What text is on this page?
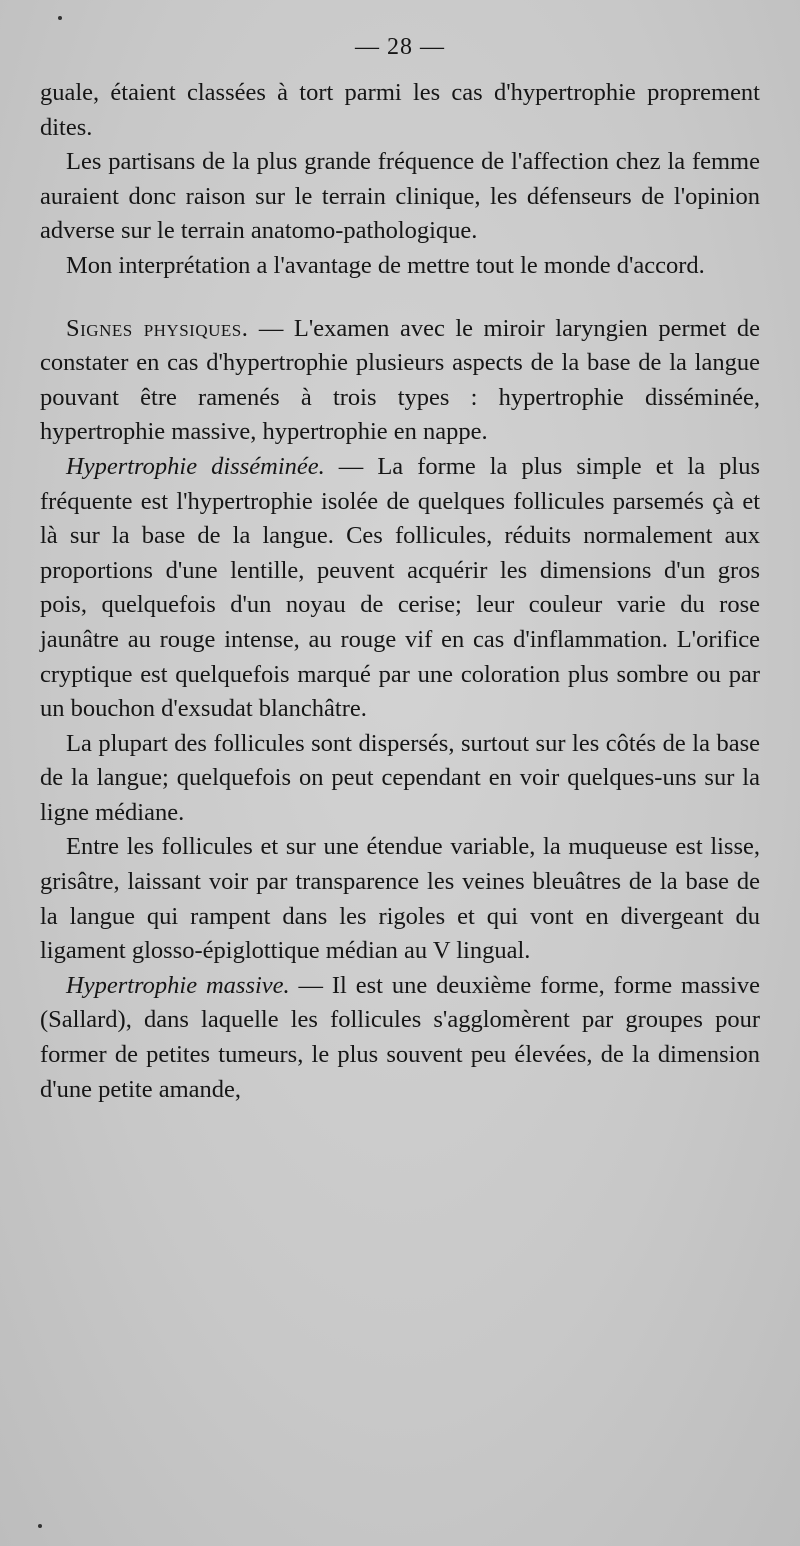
— 28 —

guale, étaient classées à tort parmi les cas d'hypertrophie proprement dites.

Les partisans de la plus grande fréquence de l'affection chez la femme auraient donc raison sur le terrain clinique, les défenseurs de l'opinion adverse sur le terrain anatomo-pathologique.

Mon interprétation a l'avantage de mettre tout le monde d'accord.

Signes physiques. — L'examen avec le miroir laryngien permet de constater en cas d'hypertrophie plusieurs aspects de la base de la langue pouvant être ramenés à trois types : hypertrophie disséminée, hypertrophie massive, hypertrophie en nappe.

Hypertrophie disséminée. — La forme la plus simple et la plus fréquente est l'hypertrophie isolée de quelques follicules parsemés çà et là sur la base de la langue. Ces follicules, réduits normalement aux proportions d'une lentille, peuvent acquérir les dimensions d'un gros pois, quelquefois d'un noyau de cerise; leur couleur varie du rose jaunâtre au rouge intense, au rouge vif en cas d'inflammation. L'orifice cryptique est quelquefois marqué par une coloration plus sombre ou par un bouchon d'exsudat blanchâtre.

La plupart des follicules sont dispersés, surtout sur les côtés de la base de la langue; quelquefois on peut cependant en voir quelques-uns sur la ligne médiane.

Entre les follicules et sur une étendue variable, la muqueuse est lisse, grisâtre, laissant voir par transparence les veines bleuâtres de la base de la langue qui rampent dans les rigoles et qui vont en divergeant du ligament glosso-épiglottique médian au V lingual.

Hypertrophie massive. — Il est une deuxième forme, forme massive (Sallard), dans laquelle les follicules s'agglomèrent par groupes pour former de petites tumeurs, le plus souvent peu élevées, de la dimension d'une petite amande,
